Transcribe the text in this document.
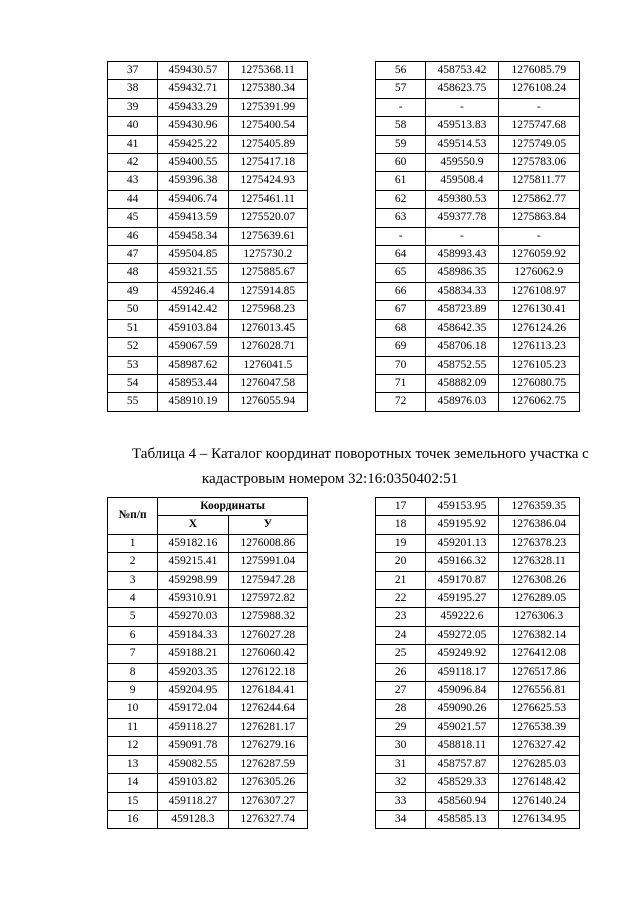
37	459430.57	1275368.11
38	459432.71	1275380.34
39	459433.29	1275391.99
40	459430.96	1275400.54
41	459425.22	1275405.89
42	459400.55	1275417.18
43	459396.38	1275424.93
44	459406.74	1275461.11
45	459413.59	1275520.07
46	459458.34	1275639.61
47	459504.85	1275730.2
48	459321.55	1275885.67
49	459246.4	1275914.85
50	459142.42	1275968.23
51	459103.84	1276013.45
52	459067.59	1276028.71
53	458987.62	1276041.5
54	458953.44	1276047.58
55	458910.19	1276055.94
56	458753.42	1276085.79
57	458623.75	1276108.24
-	-	-
58	459513.83	1275747.68
59	459514.53	1275749.05
60	459550.9	1275783.06
61	459508.4	1275811.77
62	459380.53	1275862.77
63	459377.78	1275863.84
-	-	-
64	458993.43	1276059.92
65	458986.35	1276062.9
66	458834.33	1276108.97
67	458723.89	1276130.41
68	458642.35	1276124.26
69	458706.18	1276113.23
70	458752.55	1276105.23
71	458882.09	1276080.75
72	458976.03	1276062.75
Таблица 4 – Каталог координат поворотных точек земельного участка с
кадастровым номером 32:16:0350402:51
№п/п	Координаты	
	Х	У
1	459182.16	1276008.86
2	459215.41	1275991.04
3	459298.99	1275947.28
4	459310.91	1275972.82
5	459270.03	1275988.32
6	459184.33	1276027.28
7	459188.21	1276060.42
8	459203.35	1276122.18
9	459204.95	1276184.41
10	459172.04	1276244.64
11	459118.27	1276281.17
12	459091.78	1276279.16
13	459082.55	1276287.59
14	459103.82	1276305.26
15	459118.27	1276307.27
16	459128.3	1276327.74
17	459153.95	1276359.35
18	459195.92	1276386.04
19	459201.13	1276378.23
20	459166.32	1276328.11
21	459170.87	1276308.26
22	459195.27	1276289.05
23	459222.6	1276306.3
24	459272.05	1276382.14
25	459249.92	1276412.08
26	459118.17	1276517.86
27	459096.84	1276556.81
28	459090.26	1276625.53
29	459021.57	1276538.39
30	458818.11	1276327.42
31	458757.87	1276285.03
32	458529.33	1276148.42
33	458560.94	1276140.24
34	458585.13	1276134.95
